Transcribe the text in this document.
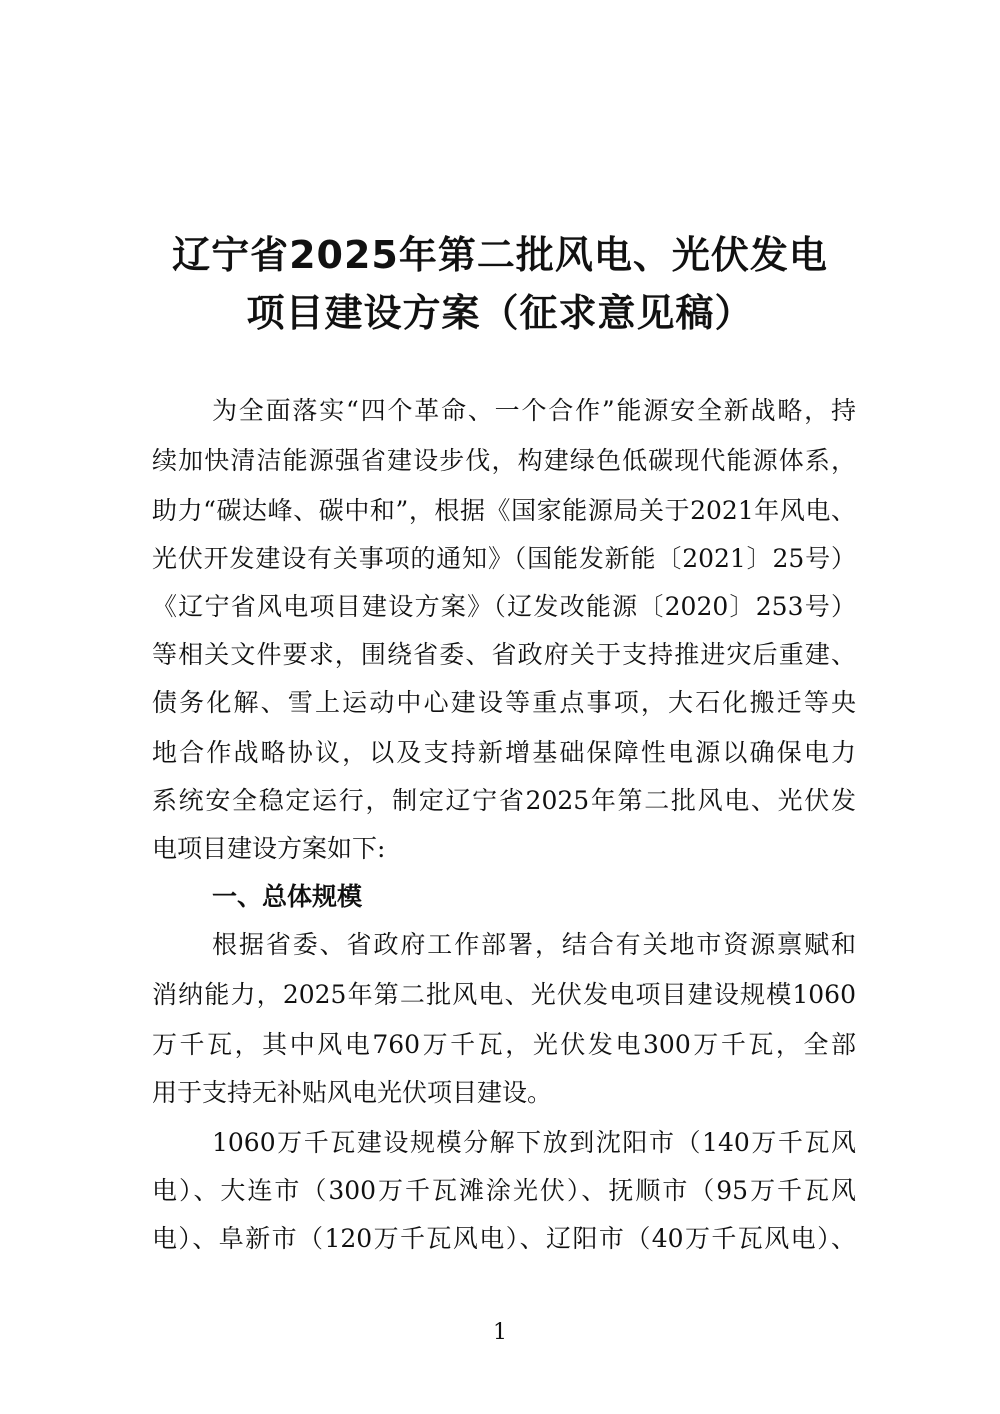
辽宁省2025年第二批风电、光伏发电
项目建设方案（征求意见稿）
为全面落实“四个革命、一个合作”能源安全新战略，持
续加快清洁能源强省建设步伐，构建绿色低碳现代能源体系，
助力“碳达峰、碳中和”，根据《国家能源局关于2021年风电、
光伏开发建设有关事项的通知》（国能发新能〔2021〕25号）
《辽宁省风电项目建设方案》（辽发改能源〔2020〕253号）
等相关文件要求，围绕省委、省政府关于支持推进灾后重建、
债务化解、雪上运动中心建设等重点事项，大石化搬迁等央
地合作战略协议，以及支持新增基础保障性电源以确保电力
系统安全稳定运行，制定辽宁省2025年第二批风电、光伏发
电项目建设方案如下:
一、总体规模
根据省委、省政府工作部署，结合有关地市资源禀赋和
消纳能力，2025年第二批风电、光伏发电项目建设规模1060
万千瓦，其中风电760万千瓦，光伏发电300万千瓦，全部
用于支持无补贴风电光伏项目建设。
1060万千瓦建设规模分解下放到沈阳市（140万千瓦风
电）、大连市（300万千瓦滩涂光伏）、抚顺市（95万千瓦风
电）、阜新市（120万千瓦风电）、辽阳市（40万千瓦风电）、
1
